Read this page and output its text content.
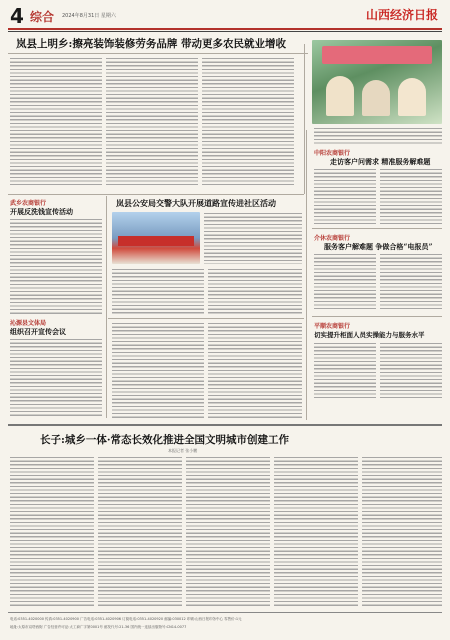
4 综合 2024年8月31日 星期六	山西经济日报
岚县上明乡:擦亮装饰装修劳务品牌 带动更多农民就业增收
中阳农商银行
走访客户问需求 精准服务解难题
介休农商银行
服务客户解难题 争做合格“电报员”
平顺农商银行
切实提升柜面人员实操能力与服务水平
武乡农商银行
开展反洗钱宣传活动
岚县公安局交警大队开展道路宣传进社区活动
沁源县文体局
组织召开宣传会议
长子:城乡一体·常态长效化推进全国文明城市创建工作
本报记者 张小鹏
电话:0351-4020000 传真:0351-4020900 广告电话:0351-4020906 订阅电话:0351-4020920 邮编:030012 印刷:山西日报印务中心 零售价:1元
地址:太原市双塔西街 广告经营许可证:太工商广字第0001号 邮发代号:21-36 国内统一连续出版物号:CN14-0077
